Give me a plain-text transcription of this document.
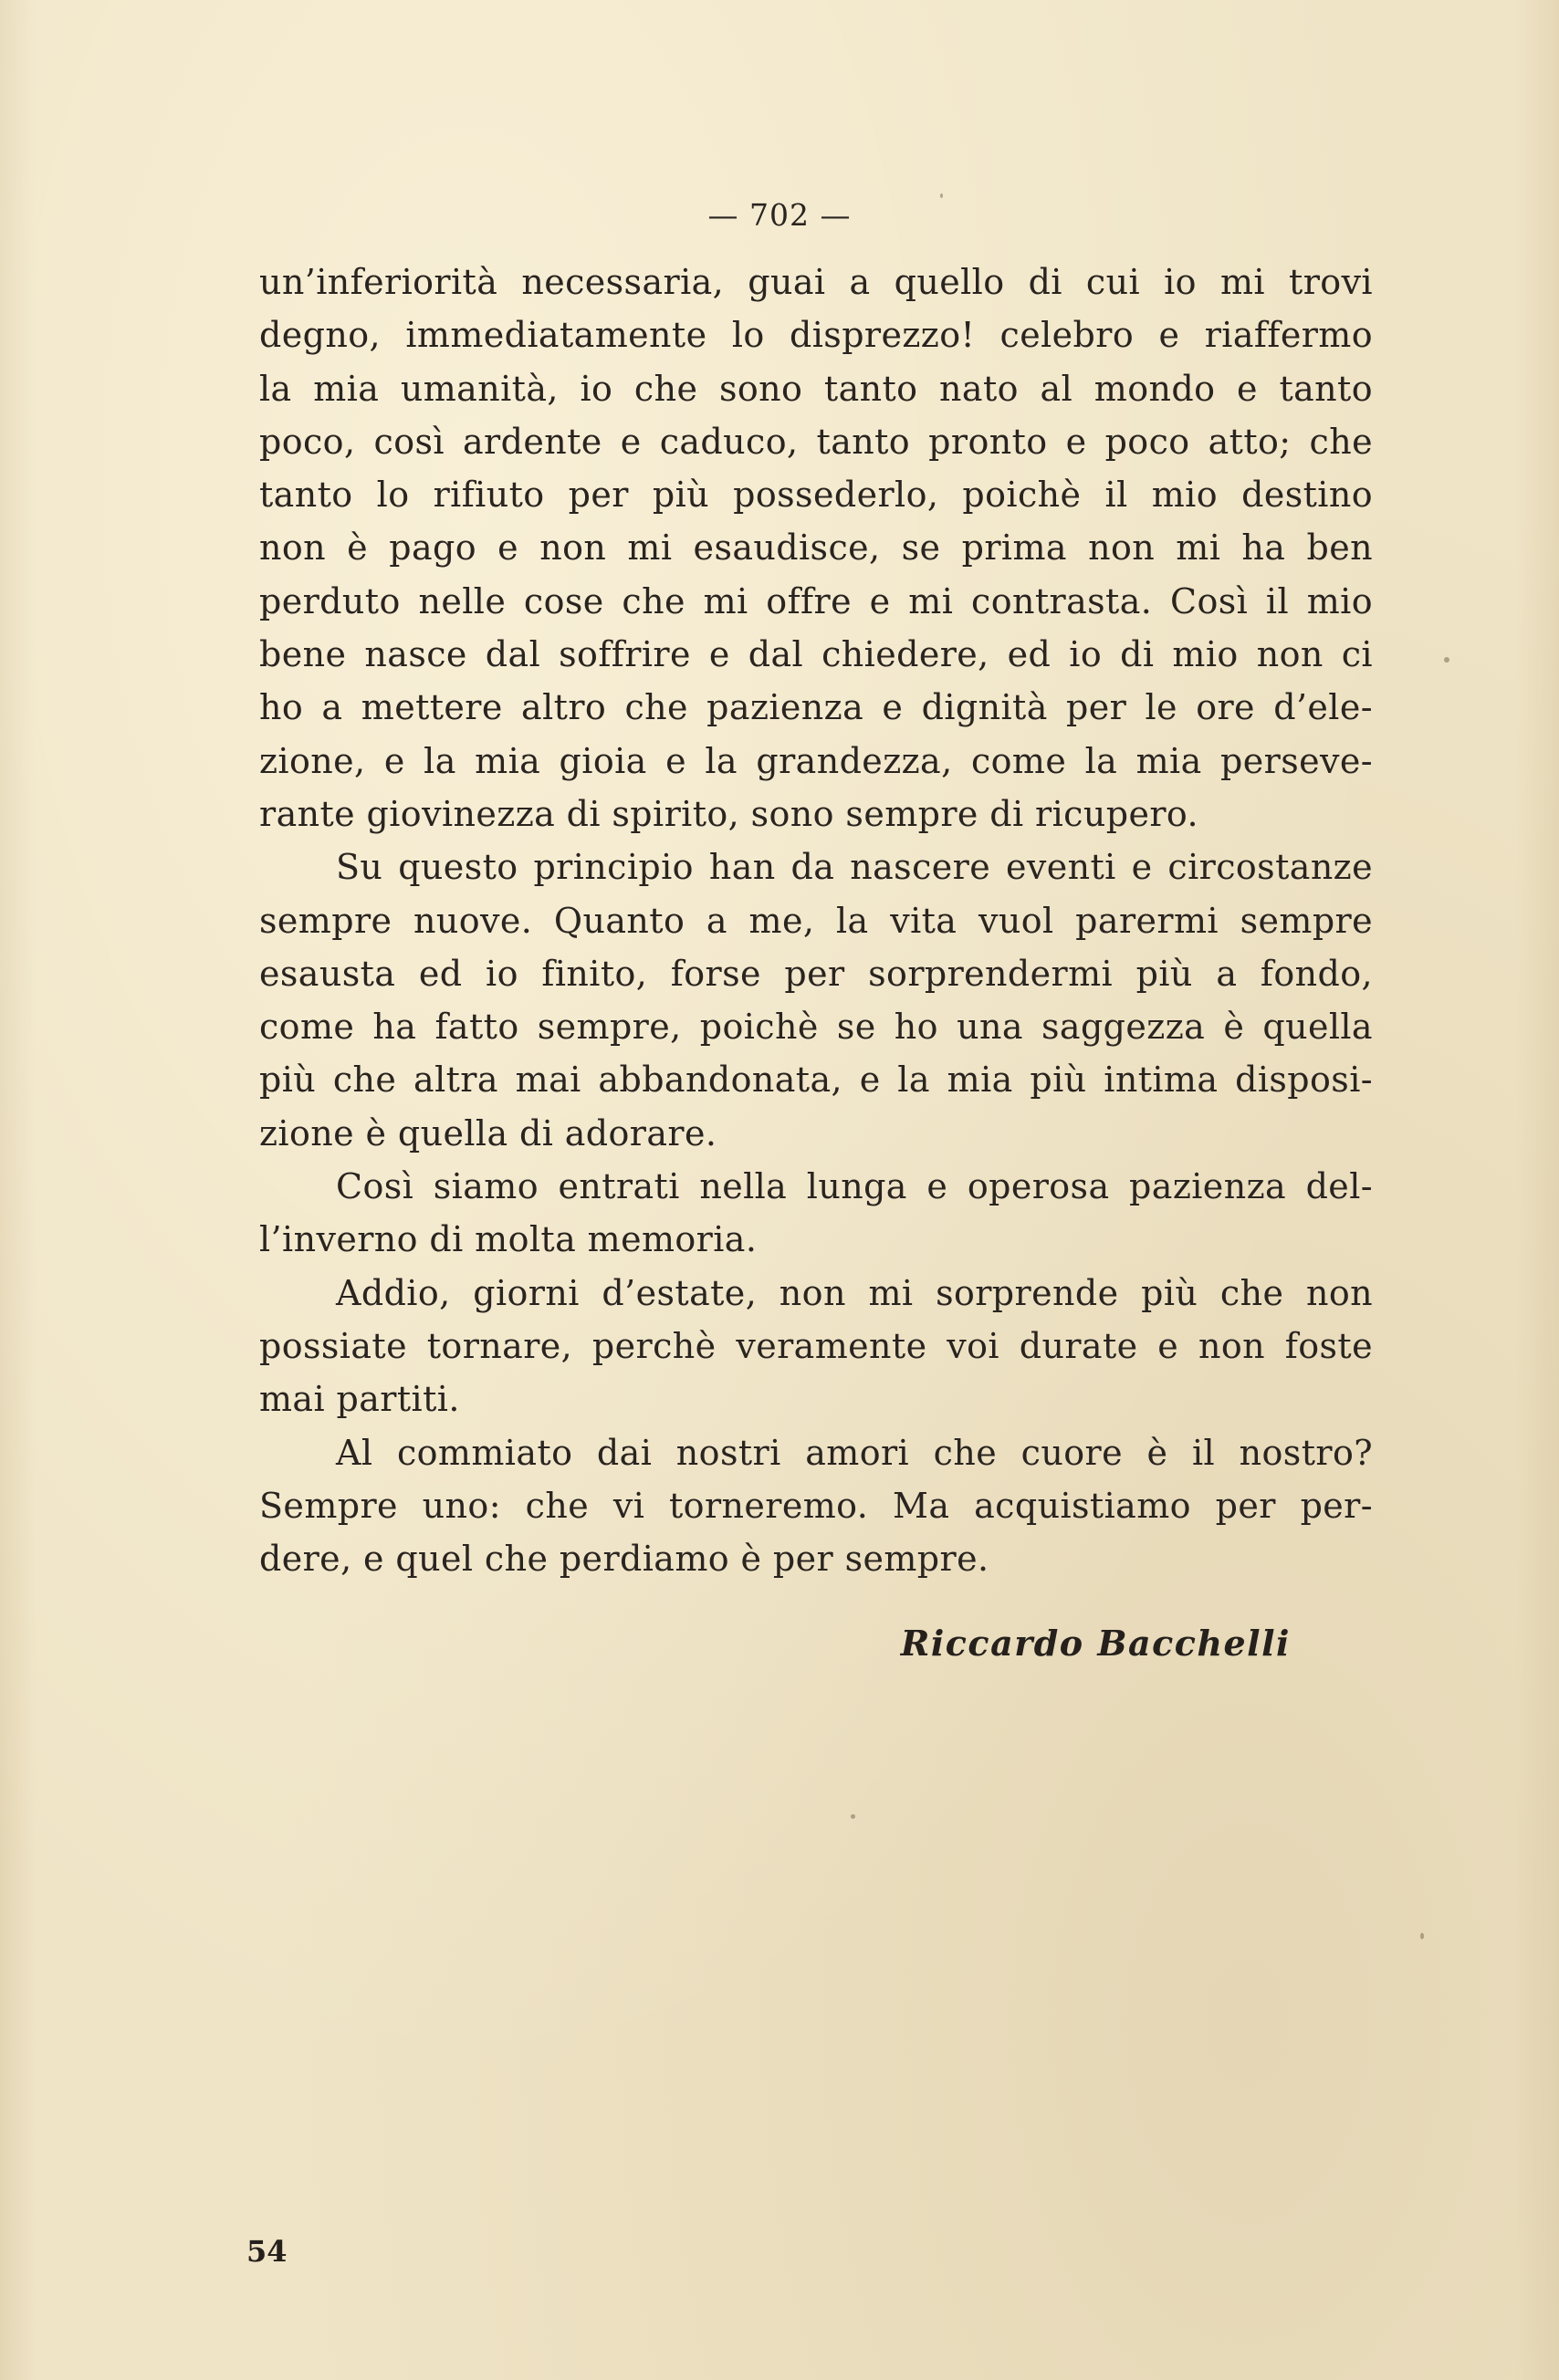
— 702 —
un’inferiorità necessaria, guai a quello di cui io mi trovi
degno, immediatamente lo disprezzo! celebro e riaffermo
la mia umanità, io che sono tanto nato al mondo e tanto
poco, così ardente e caduco, tanto pronto e poco atto; che
tanto lo rifiuto per più possederlo, poichè il mio destino
non è pago e non mi esaudisce, se prima non mi ha ben
perduto nelle cose che mi offre e mi contrasta. Così il mio
bene nasce dal soffrire e dal chiedere, ed io di mio non ci
ho a mettere altro che pazienza e dignità per le ore d’ele-
zione, e la mia gioia e la grandezza, come la mia perseve-
rante giovinezza di spirito, sono sempre di ricupero.
Su questo principio han da nascere eventi e circostanze
sempre nuove. Quanto a me, la vita vuol parermi sempre
esausta ed io finito, forse per sorprendermi più a fondo,
come ha fatto sempre, poichè se ho una saggezza è quella
più che altra mai abbandonata, e la mia più intima disposi-
zione è quella di adorare.
Così siamo entrati nella lunga e operosa pazienza del-
l’inverno di molta memoria.
Addio, giorni d’estate, non mi sorprende più che non
possiate tornare, perchè veramente voi durate e non foste
mai partiti.
Al commiato dai nostri amori che cuore è il nostro?
Sempre uno: che vi torneremo. Ma acquistiamo per per-
dere, e quel che perdiamo è per sempre.
Riccardo Bacchelli
54
